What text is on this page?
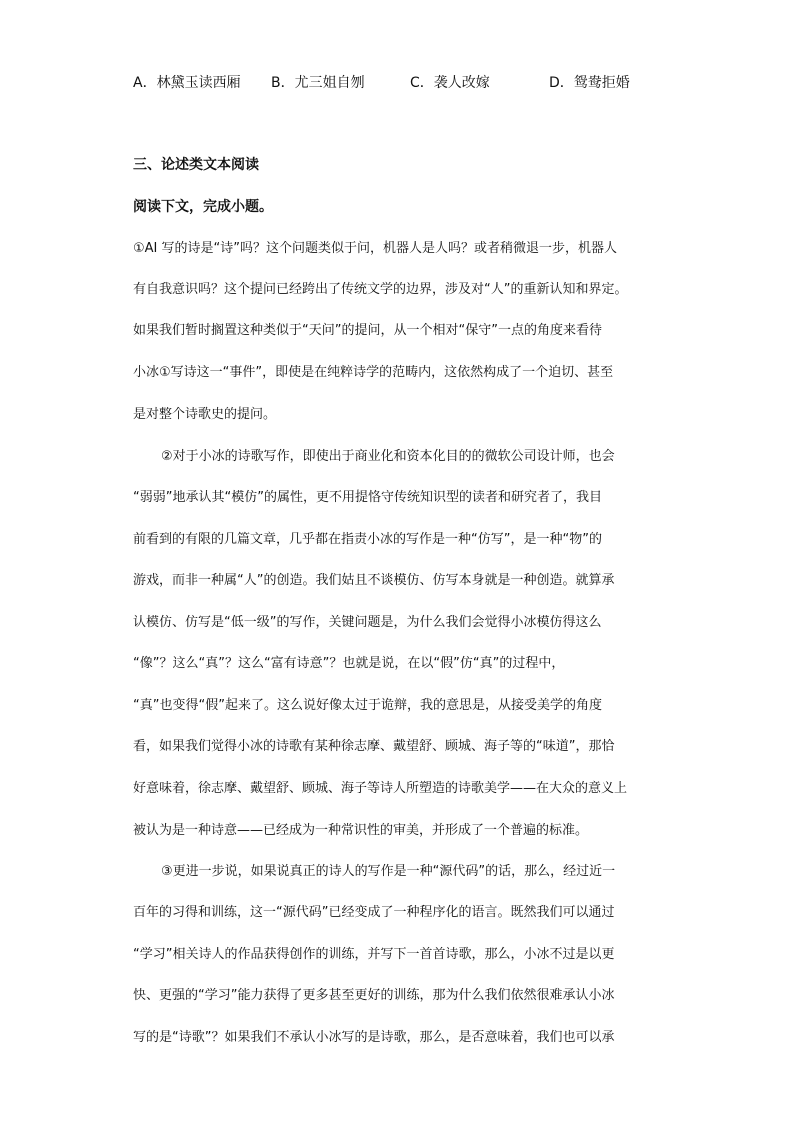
A．林黛玉读西厢 B．尤三姐自刎	C．袭人改嫁	D．鸳鸯拒婚
三、论述类文本阅读
阅读下文，完成小题。
①AI 写的诗是“诗”吗？这个问题类似于问，机器人是人吗？或者稍微退一步，机器人
有自我意识吗？这个提问已经跨出了传统文学的边界，涉及对“人”的重新认知和界定。
如果我们暂时搁置这种类似于“天问”的提问，从一个相对“保守”一点的角度来看待
小冰①写诗这一“事件”，即使是在纯粹诗学的范畴内，这依然构成了一个迫切、甚至
是对整个诗歌史的提问。
②对于小冰的诗歌写作，即使出于商业化和资本化目的的微软公司设计师，也会
“弱弱”地承认其“模仿”的属性，更不用提恪守传统知识型的读者和研究者了，我目
前看到的有限的几篇文章，几乎都在指责小冰的写作是一种“仿写”，是一种“物”的
游戏，而非一种属“人”的创造。我们姑且不谈模仿、仿写本身就是一种创造。就算承
认模仿、仿写是“低一级”的写作，关键问题是，为什么我们会觉得小冰模仿得这么
“像”？这么“真”？这么“富有诗意”？也就是说，在以“假”仿“真”的过程中，
“真”也变得“假”起来了。这么说好像太过于诡辩，我的意思是，从接受美学的角度
看，如果我们觉得小冰的诗歌有某种徐志摩、戴望舒、顾城、海子等的“味道”，那恰
好意味着，徐志摩、戴望舒、顾城、海子等诗人所塑造的诗歌美学——在大众的意义上
被认为是一种诗意——已经成为一种常识性的审美，并形成了一个普遍的标准。
③更进一步说，如果说真正的诗人的写作是一种“源代码”的话，那么，经过近一
百年的习得和训练，这一“源代码”已经变成了一种程序化的语言。既然我们可以通过
“学习”相关诗人的作品获得创作的训练，并写下一首首诗歌，那么，小冰不过是以更
快、更强的“学习”能力获得了更多甚至更好的训练，那为什么我们依然很难承认小冰
写的是“诗歌”？如果我们不承认小冰写的是诗歌，那么，是否意味着，我们也可以承
